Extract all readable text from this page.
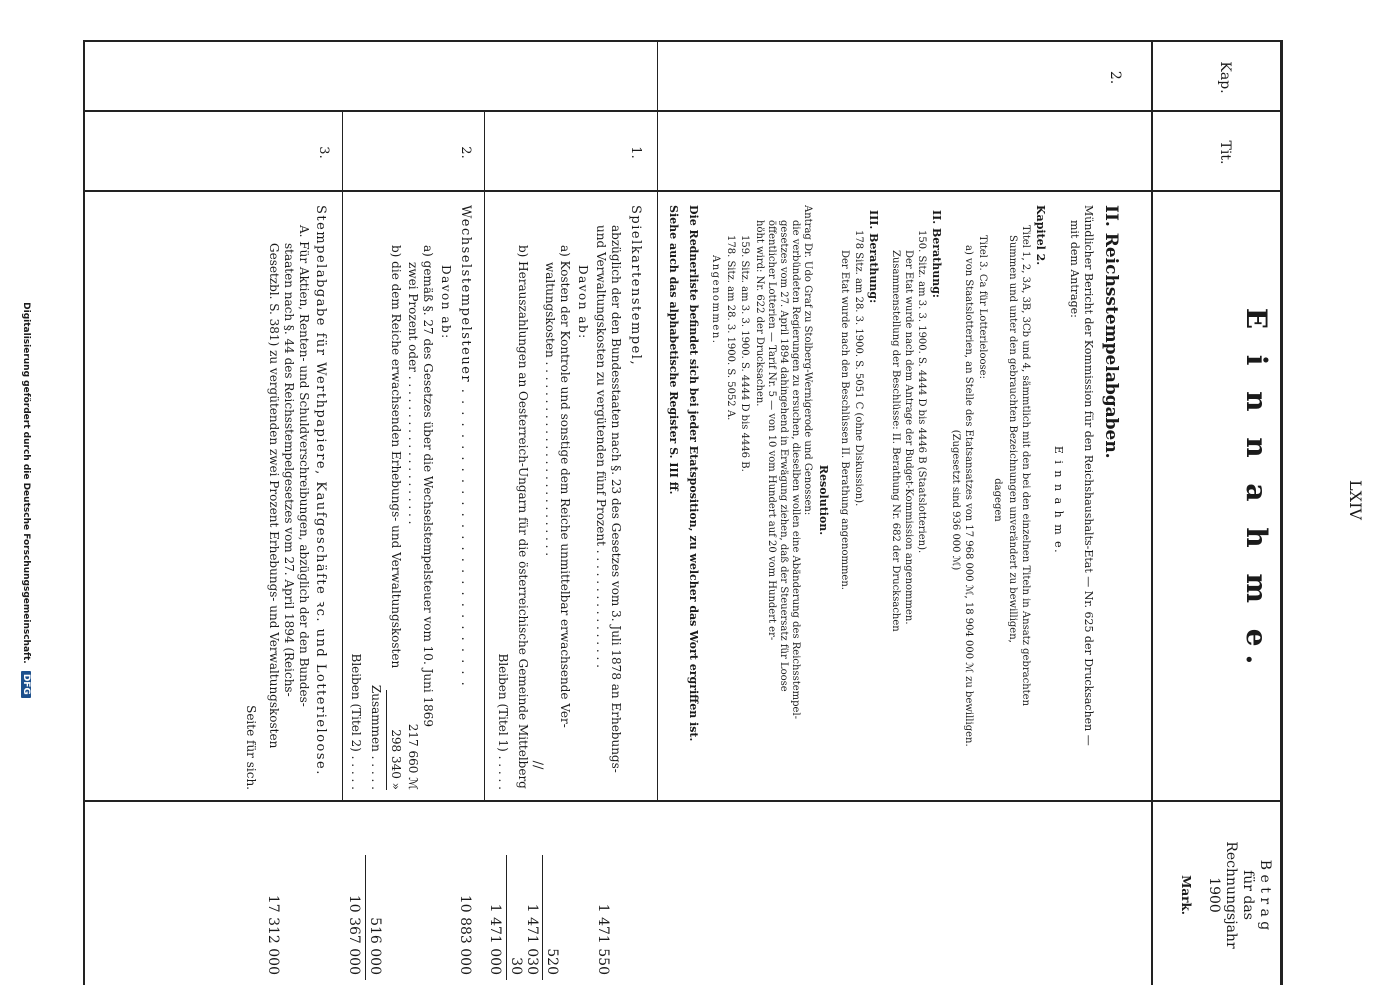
LXIV
Kap.
Tit.
E i n n a h m e.
B e t r a g
für das
Rechnungsjahr
1900
Mark.
2.
II. Reichsstempelabgaben.
Mündlicher Bericht der Kommission für den Reichshaushalts-Etat — Nr. 625 der Drucksachen —
mit dem Antrage:
E i n n a h m e.
Kapitel 2.
Titel 1, 2, 3A, 3B, 3Cb und 4, sämmtlich mit den bei den einzelnen Titeln in Ansatz gebrachten
Summen und unter den gebrauchten Bezeichnungen unverändert zu bewilligen,
dagegen
Titel 3. Ca für Lotterieloose:
a) von Staatslotterien, an Stelle des Etatsansatzes von 17 968 000 ℳ, 18 904 000 ℳ zu bewilligen.
(Zugesetzt sind 936 000 ℳ)
II. Berathung:
150. Sitz. am 3. 3. 1900. S. 4444 D bis 4446 B (Staatslotterien).
Der Etat wurde nach dem Antrage der Budget-Kommission angenommen.
Zusammenstellung der Beschlüsse: II. Berathung Nr. 682 der Drucksachen
III. Berathung:
178 Sitz. am 28. 3. 1900. S. 5051 C (ohne Diskussion).
Der Etat wurde nach den Beschlüssen II. Berathung angenommen.
Resolution.
Antrag Dr. Udo Graf zu Stolberg-Wernigerode und Genossen:
die verbündeten Regierungen zu ersuchen, dieselben wollen eine Abänderung des Reichsstempel-
gesetzes vom 27. April 1894 dahingehend in Erwägung ziehen, daß der Steuersatz für Loose
öffentlicher Lotterien — Tarif Nr. 5 — von 10 vom Hundert auf 20 vom Hundert er-
höht wird: Nr. 622 der Drucksachen.
159. Sitz. am 3. 3. 1900. S. 4444 D bis 4446 B.
178. Sitz. am 28. 3. 1900. S. 5052 A.
Angenommen.
Die Rednerliste befindet sich bei jeder Etatsposition, zu welcher das Wort ergriffen ist.
Siehe auch das alphabetische Register S. III ff.
1.
Spielkartenstempel,
abzüglich der den Bundesstaaten nach §. 23 des Gesetzes vom 3. Juli 1878 an Erhebungs-
und Verwaltungskosten zu vergütenden fünf Prozent . . . . . . . . . . . . . . . .
Davon ab:
a) Kosten der Kontrole und sonstige dem Reiche unmittelbar erwachsende Ver-
waltungskosten . . . . . . . . . . . . . . . . . . . . . . . . . .
b) Herauszahlungen an Oesterreich-Ungarn für die österreichische Gemeinde Mittelberg //
Bleiben (Titel 1) . . . . .
1 471 550
520
1 471 030
30
1 471 000
2.
Wechselstempelsteuer . . . . . . . . . . . . . . . . . . . . . . . . . . .
Davon ab:
a) gemäß §. 27 des Gesetzes über die Wechselstempelsteuer vom 10. Juni 1869
zwei Prozent oder . . . . . . . . . . . . . . . . . . . .
217 660 ℳ
b) die dem Reiche erwachsenden Erhebungs- und Verwaltungskosten
298 340 »
Zusammen . . . . .
Bleiben (Titel 2) . . . . .
10 883 000
516 000
10 367 000
3.
Stempelabgabe für Werthpapiere, Kaufgeschäfte ꝛc. und Lotterieloose.
A. Für Aktien, Renten- und Schuldverschreibungen, abzüglich der den Bundes-
staaten nach §. 44 des Reichsstempelgesetzes vom 27. April 1894 (Reichs-
Gesetzbl. S. 381) zu vergütenden zwei Prozent Erhebungs- und Verwaltungskosten
17 312 000
Seite für sich.
Digitalisierung gefördert durch die Deutsche Forschungsgemeinschaft. DFG
